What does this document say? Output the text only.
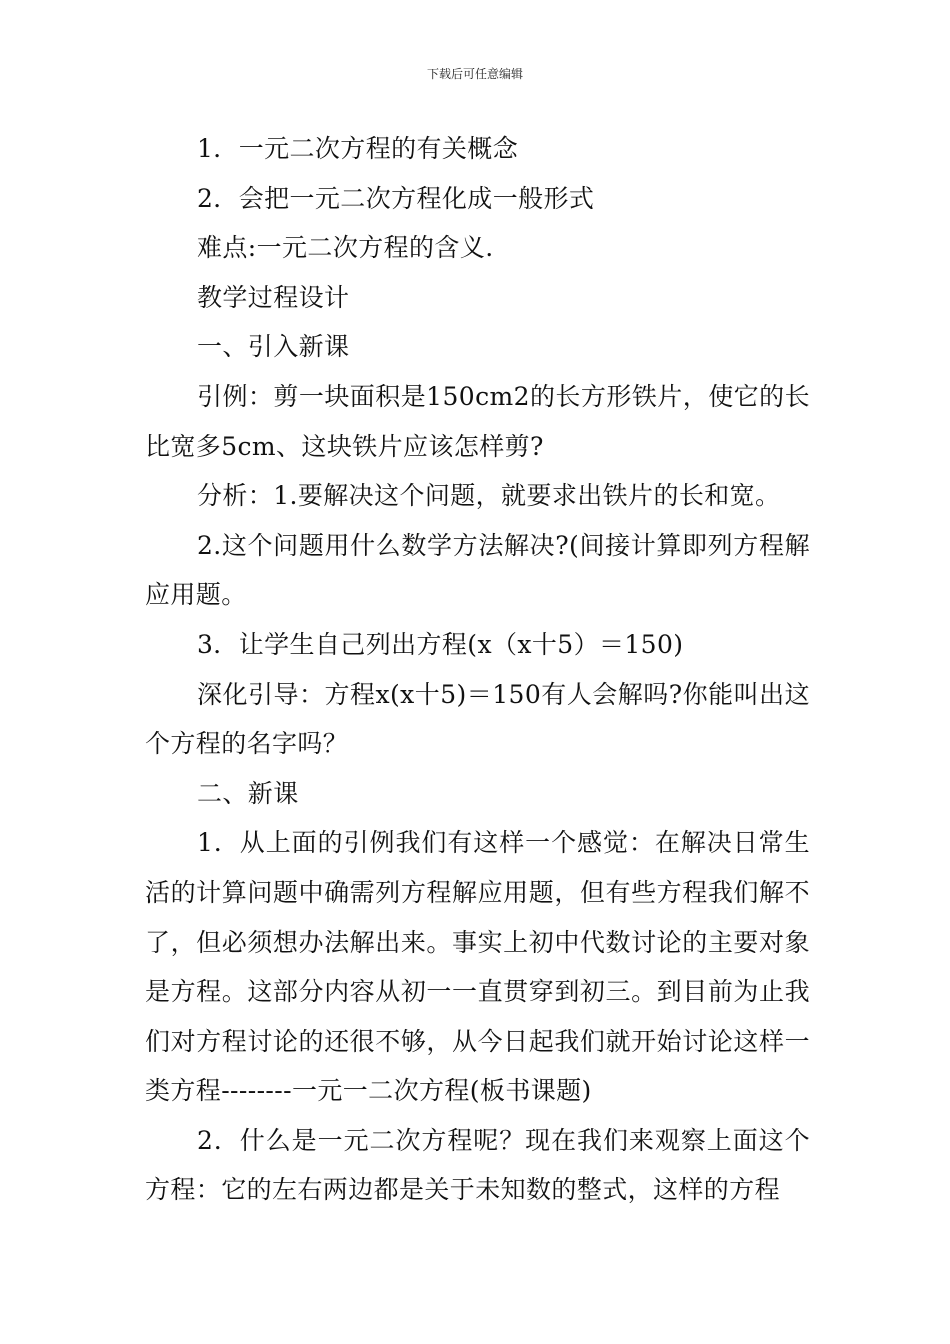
下载后可任意编辑

1．一元二次方程的有关概念

2．会把一元二次方程化成一般形式

难点:一元二次方程的含义.

教学过程设计

一、引入新课

引例：剪一块面积是150cm2的长方形铁片，使它的长比宽多5cm、这块铁片应该怎样剪?

分析：1.要解决这个问题，就要求出铁片的长和宽。

2.这个问题用什么数学方法解决?(间接计算即列方程解应用题。

3．让学生自己列出方程(x（x十5）＝150)

深化引导：方程x(x十5)＝150有人会解吗?你能叫出这个方程的名字吗？

二、新课

1．从上面的引例我们有这样一个感觉：在解决日常生活的计算问题中确需列方程解应用题，但有些方程我们解不了，但必须想办法解出来。事实上初中代数讨论的主要对象是方程。这部分内容从初一一直贯穿到初三。到目前为止我们对方程讨论的还很不够，从今日起我们就开始讨论这样一类方程--------一元一二次方程(板书课题)

2．什么是一元二次方程呢？现在我们来观察上面这个方程：它的左右两边都是关于未知数的整式，这样的方程
